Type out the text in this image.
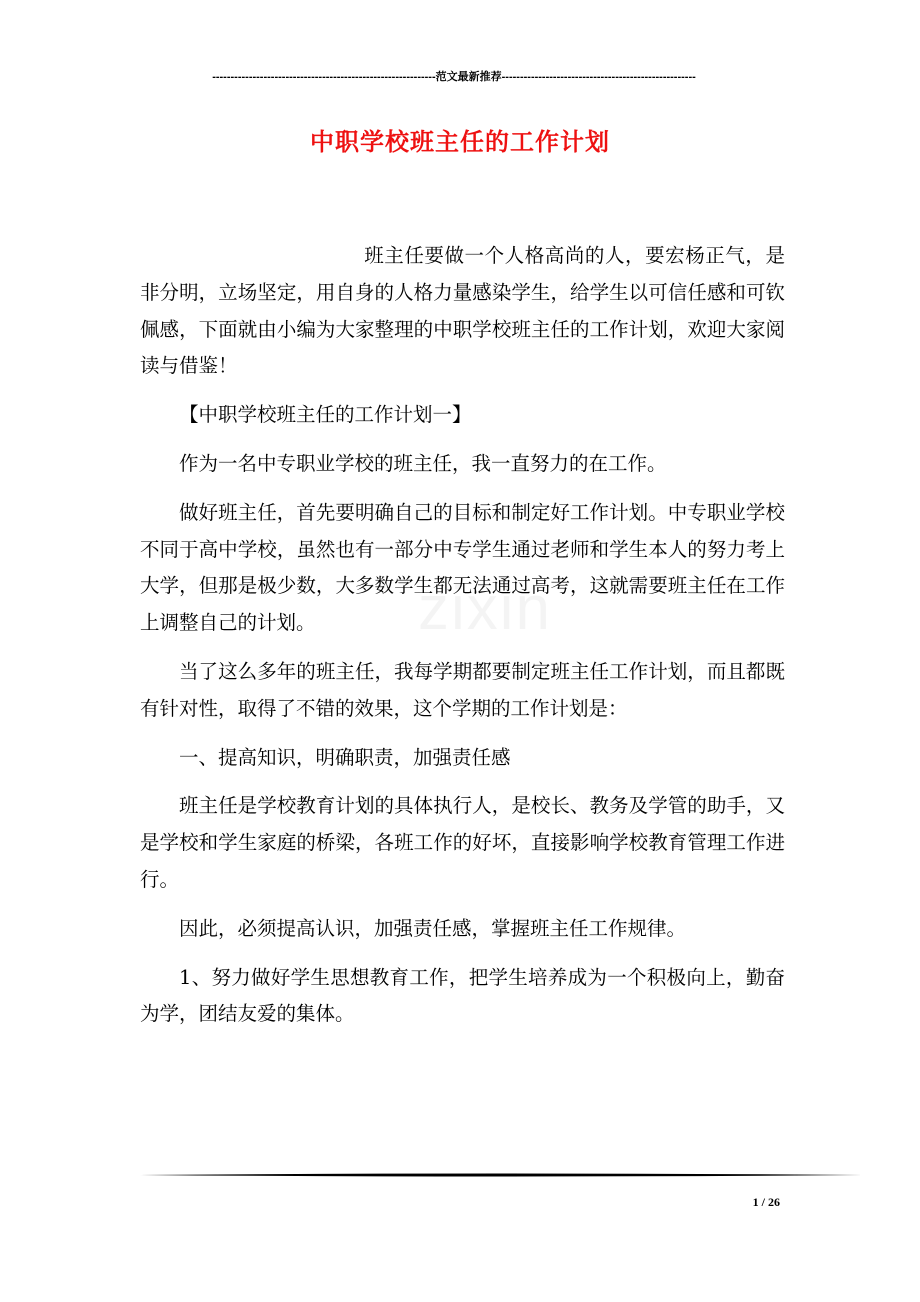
-------------------------------------------------------------范文最新推荐-----------------------------------------------------
中职学校班主任的工作计划

班主任要做一个人格高尚的人，要宏杨正气，是非分明，立场坚定，用自身的人格力量感染学生，给学生以可信任感和可钦佩感，下面就由小编为大家整理的中职学校班主任的工作计划，欢迎大家阅读与借鉴！

【中职学校班主任的工作计划一】

作为一名中专职业学校的班主任，我一直努力的在工作。

做好班主任，首先要明确自己的目标和制定好工作计划。中专职业学校不同于高中学校，虽然也有一部分中专学生通过老师和学生本人的努力考上大学，但那是极少数，大多数学生都无法通过高考，这就需要班主任在工作上调整自己的计划。

当了这么多年的班主任，我每学期都要制定班主任工作计划，而且都既有针对性，取得了不错的效果，这个学期的工作计划是：

一、提高知识，明确职责，加强责任感

班主任是学校教育计划的具体执行人，是校长、教务及学管的助手，又是学校和学生家庭的桥梁，各班工作的好坏，直接影响学校教育管理工作进行。

因此，必须提高认识，加强责任感，掌握班主任工作规律。

1、努力做好学生思想教育工作，把学生培养成为一个积极向上，勤奋为学，团结友爱的集体。

1 / 26
